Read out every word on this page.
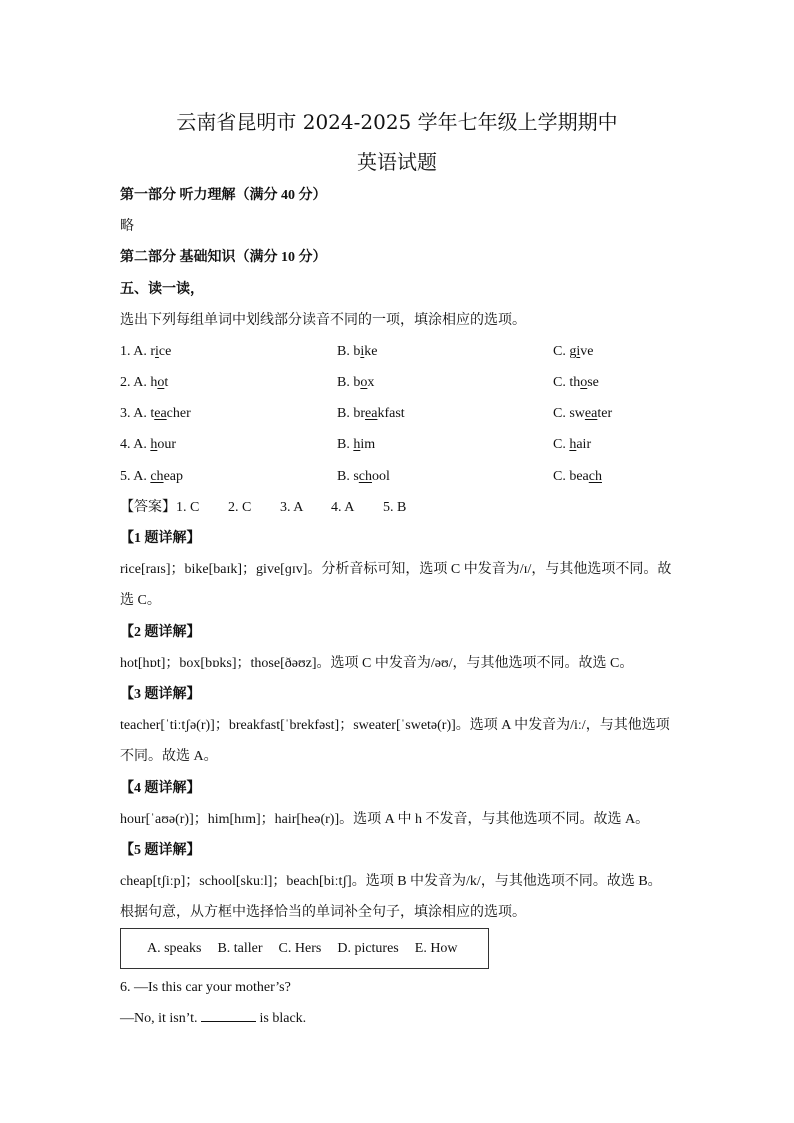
云南省昆明市 2024-2025 学年七年级上学期期中
英语试题
第一部分 听力理解（满分 40 分）
略
第二部分 基础知识（满分 10 分）
五、读一读，
选出下列每组单词中划线部分读音不同的一项，填涂相应的选项。
1. A. rice	B. bike	C. give
2. A. hot	B. box	C. those
3. A. teacher	B. breakfast	C. sweater
4. A. hour	B. him	C. hair
5. A. cheap	B. school	C. beach
【答案】1. C 2. C 3. A 4. A 5. B
【1 题详解】
rice[raɪs]；bike[baɪk]；give[ɡɪv]。分析音标可知，选项 C 中发音为/ɪ/，与其他选项不同。故选 C。
【2 题详解】
hot[hɒt]；box[bɒks]；those[ðəʊz]。选项 C 中发音为/əʊ/，与其他选项不同。故选 C。
【3 题详解】
teacher[ˈtiːtʃə(r)]；breakfast[ˈbrekfəst]；sweater[ˈswetə(r)]。选项 A 中发音为/iː/，与其他选项不同。故选 A。
【4 题详解】
hour[ˈaʊə(r)]；him[hɪm]；hair[heə(r)]。选项 A 中 h 不发音，与其他选项不同。故选 A。
【5 题详解】
cheap[tʃiːp]；school[skuːl]；beach[biːtʃ]。选项 B 中发音为/k/，与其他选项不同。故选 B。
根据句意，从方框中选择恰当的单词补全句子，填涂相应的选项。
A. speaks B. taller C. Hers D. pictures E. How
6. —Is this car your mother’s?
—No, it isn’t.	is black.
